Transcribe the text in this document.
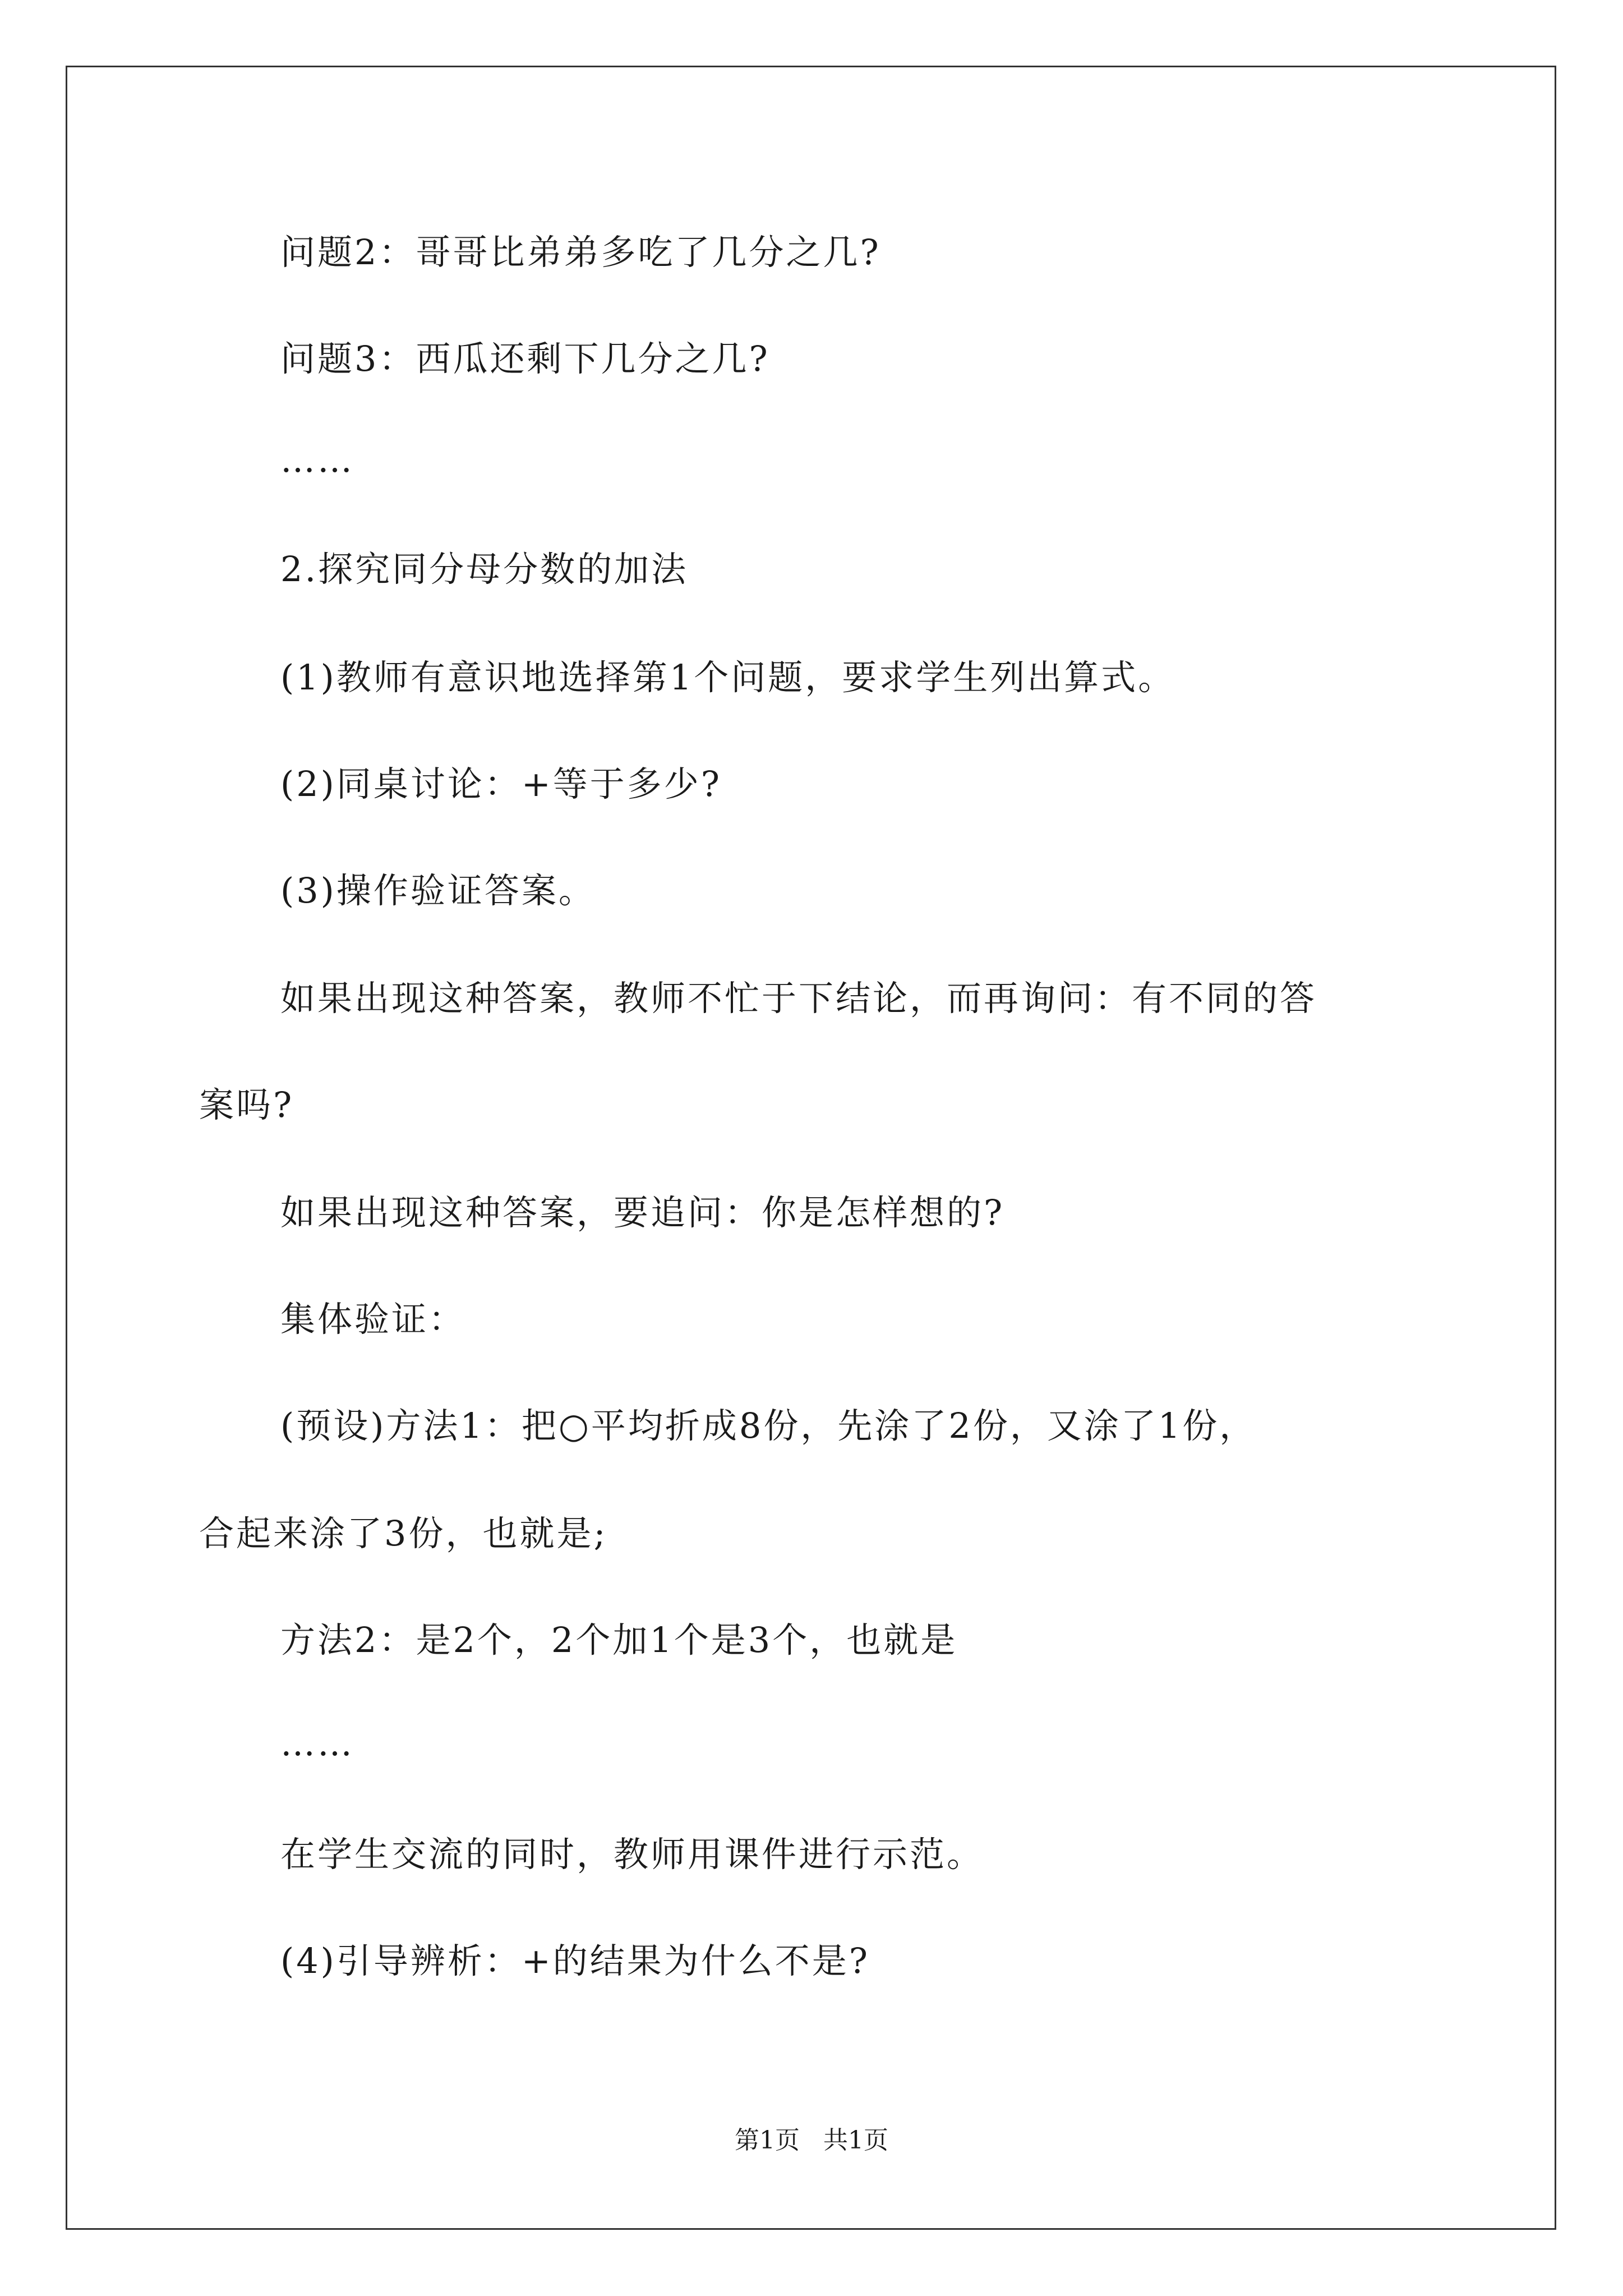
问题2：哥哥比弟弟多吃了几分之几?
问题3：西瓜还剩下几分之几?
……
2.探究同分母分数的加法
(1)教师有意识地选择第1个问题，要求学生列出算式。
(2)同桌讨论：+等于多少?
(3)操作验证答案。
如果出现这种答案，教师不忙于下结论，而再询问：有不同的答
案吗?
如果出现这种答案，要追问：你是怎样想的?
集体验证：
(预设)方法1：把○平均折成8份，先涂了2份，又涂了1份，
合起来涂了3份，也就是;
方法2：是2个，2个加1个是3个，也就是
……
在学生交流的同时，教师用课件进行示范。
(4)引导辨析：+的结果为什么不是?
第1页   共1页
